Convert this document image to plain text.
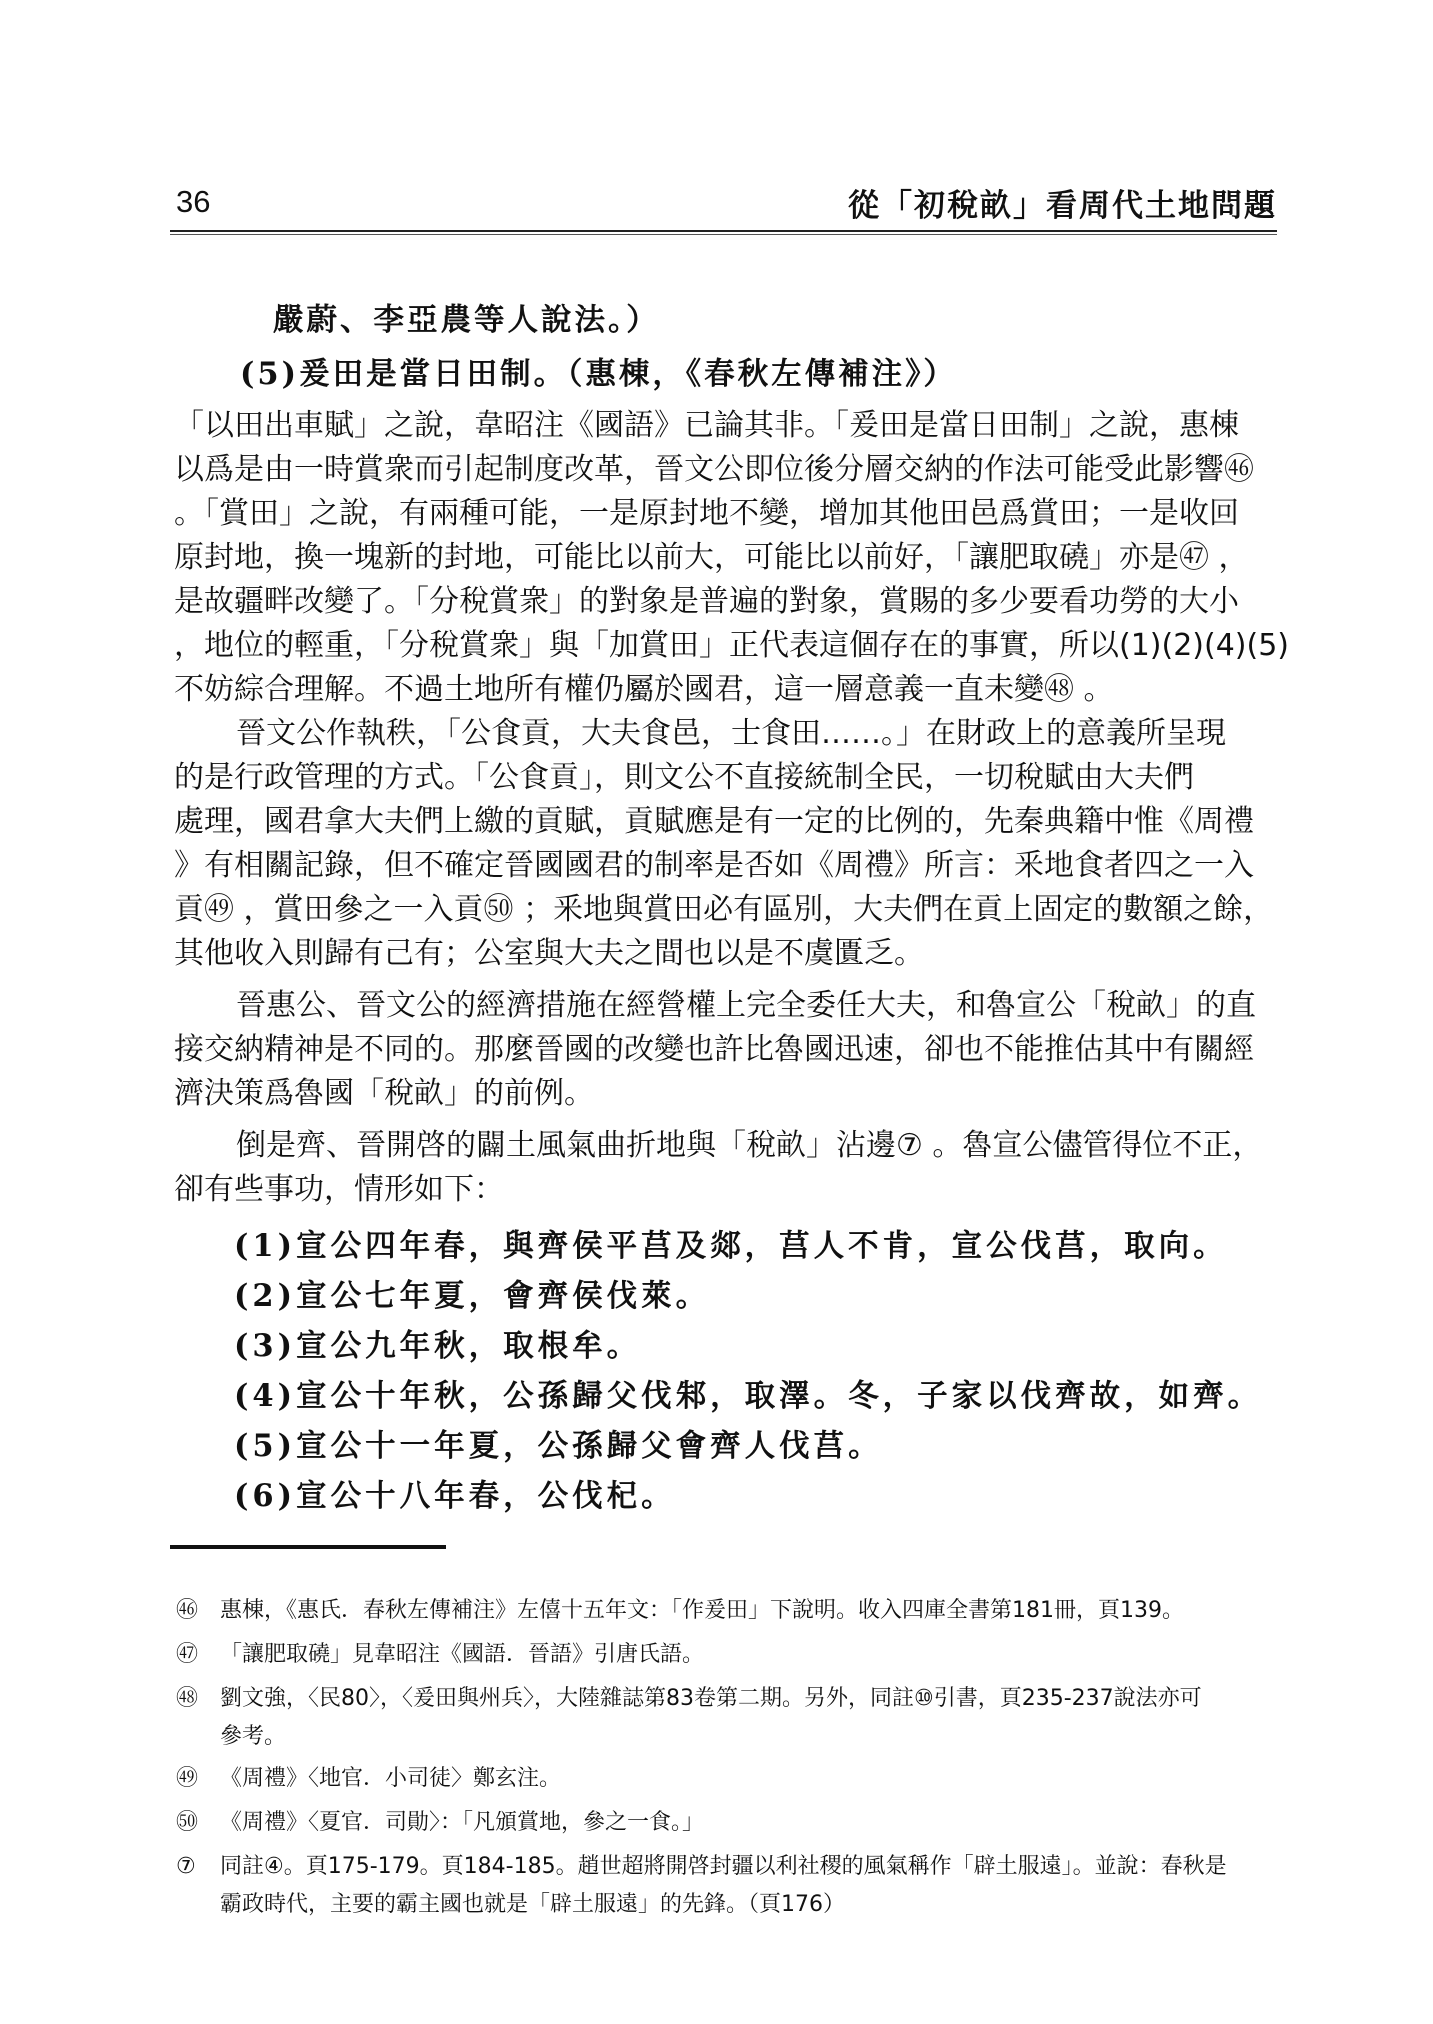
36	從「初稅畝」看周代土地問題
嚴蔚、李亞農等人說法。）
(5)爰田是當日田制。（惠棟，《春秋左傳補注》）
「以田出車賦」之說，韋昭注《國語》已論其非。「爰田是當日田制」之說，惠棟
以爲是由一時賞衆而引起制度改革，晉文公即位後分層交納的作法可能受此影響㊻
。「賞田」之說，有兩種可能，一是原封地不變，增加其他田邑爲賞田；一是收回
原封地，換一塊新的封地，可能比以前大，可能比以前好，「讓肥取磽」亦是㊼ ，
是故疆畔改變了。「分稅賞衆」的對象是普遍的對象，賞賜的多少要看功勞的大小
，地位的輕重，「分稅賞衆」與「加賞田」正代表這個存在的事實，所以(1)(2)(4)(5)
不妨綜合理解。不過土地所有權仍屬於國君，這一層意義一直未變㊽ 。
晉文公作執秩，「公食貢，大夫食邑，士食田……。」在財政上的意義所呈現
的是行政管理的方式。「公食貢」，則文公不直接統制全民，一切稅賦由大夫們
處理，國君拿大夫們上繳的貢賦，貢賦應是有一定的比例的，先秦典籍中惟《周禮
》有相關記錄，但不確定晉國國君的制率是否如《周禮》所言：釆地食者四之一入
貢㊾ ，賞田參之一入貢㊿ ；釆地與賞田必有區別，大夫們在貢上固定的數額之餘，
其他收入則歸有己有；公室與大夫之間也以是不虞匱乏。
晉惠公、晉文公的經濟措施在經營權上完全委任大夫，和魯宣公「稅畝」的直
接交納精神是不同的。那麼晉國的改變也許比魯國迅速，卻也不能推估其中有關經
濟決策爲魯國「稅畝」的前例。
倒是齊、晉開啓的闢土風氣曲折地與「稅畝」沾邊⑦ 。魯宣公儘管得位不正，
卻有些事功，情形如下：
(1)宣公四年春，與齊侯平莒及郯，莒人不肯，宣公伐莒，取向。
(2)宣公七年夏，會齊侯伐萊。
(3)宣公九年秋，取根牟。
(4)宣公十年秋，公孫歸父伐邾，取澤。冬，子家以伐齊故，如齊。
(5)宣公十一年夏，公孫歸父會齊人伐莒。
(6)宣公十八年春，公伐杞。
㊻ 惠棟，《惠氏．春秋左傳補注》左僖十五年文：「作爰田」下說明。收入四庫全書第181冊，頁139。
㊼ 「讓肥取磽」見韋昭注《國語．晉語》引唐氏語。
㊽ 劉文強，〈民80〉，〈爰田與州兵〉，大陸雜誌第83卷第二期。另外，同註⑩引書，頁235-237說法亦可
參考。
㊾ 《周禮》〈地官．小司徒〉鄭玄注。
㊿ 《周禮》〈夏官．司勛〉：「凡頒賞地，參之一食。」
⑦ 同註④。頁175-179。頁184-185。趙世超將開啓封疆以利社稷的風氣稱作「辟土服遠」。並說：春秋是
霸政時代，主要的霸主國也就是「辟土服遠」的先鋒。（頁176）
